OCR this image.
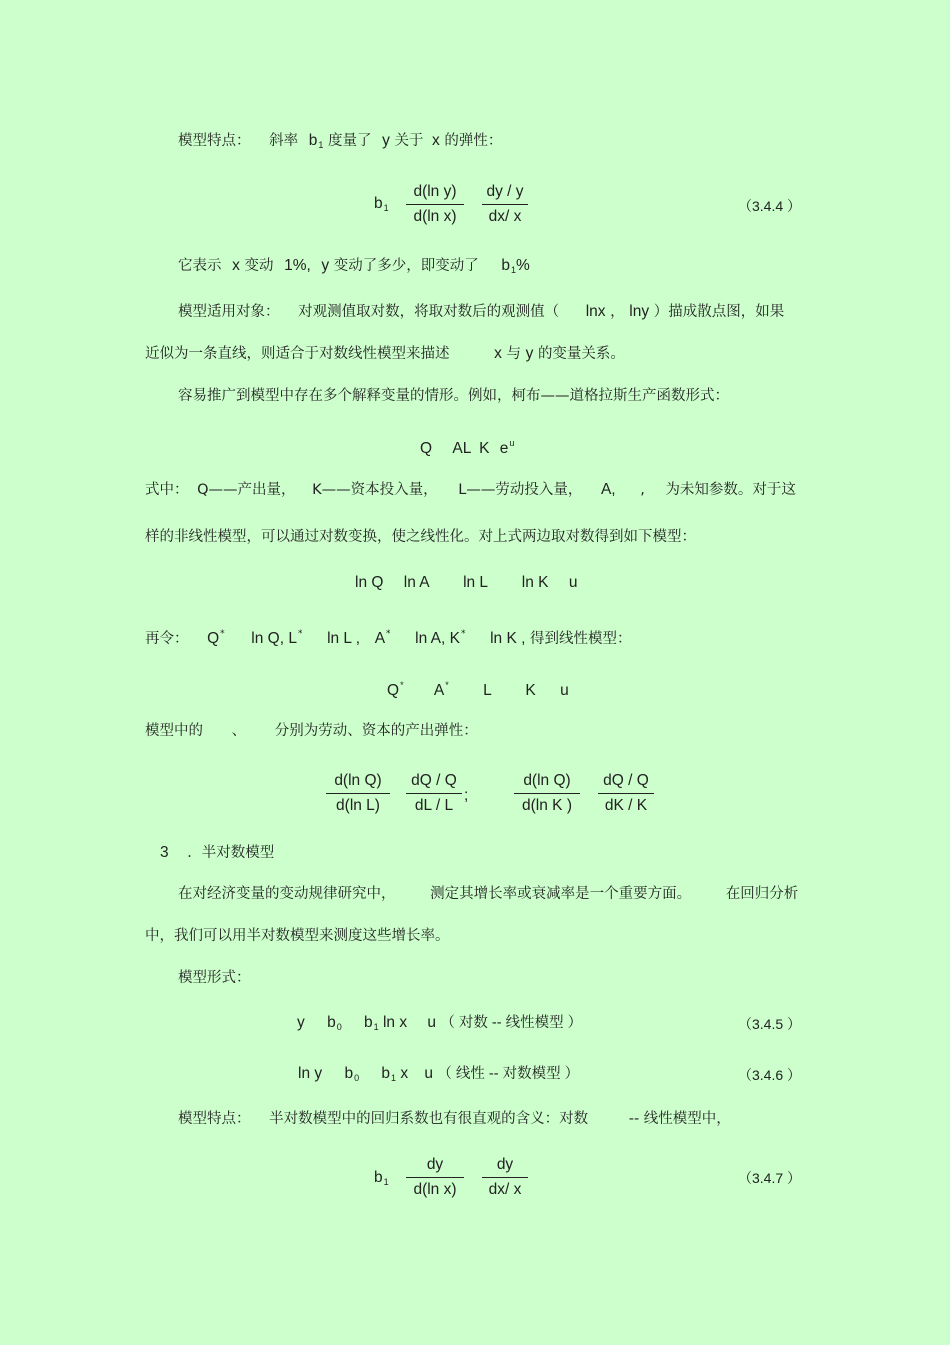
模型特点： 斜率 $b_1$ 度量了 y 关于 x 的弹性：
$b_1$
d(ln y)
d(ln x)
dy / y
dx/ x
（3.4.4 ）
它表示 x 变动 1%, y 变动了多少，即变动了 $b_1\%$
模型适用对象： 对观测值取对数，将取对数后的观测值（ lnx ， lny ）描成散点图，如果
近似为一条直线，则适合于对数线性模型来描述	x 与 y 的变量关系。
容易推广到模型中存在多个解释变量的情形。例如，柯布——道格拉斯生产函数形式：
Q AL K $e^u$
式中： Q——产出量， K——资本投入量， L——劳动投入量， A, , 为未知参数。对于这
样的非线性模型，可以通过对数变换，使之线性化。对上式两边取对数得到如下模型：
ln Q ln A ln L ln K u
再令： Q* ln Q, L* ln L , A* ln A, K* ln K , 得到线性模型：
Q* A* L K u
模型中的 、 分别为劳动、资本的产出弹性：
d(ln Q)
d(ln L)
dQ / Q
dL / L
;
d(ln Q)
d(ln K )
dQ / Q
dK / K
3 ．半对数模型
在对经济变量的变动规律研究中， 测定其增长率或衰减率是一个重要方面。 在回归分析
中，我们可以用半对数模型来测度这些增长率。
模型形式：
y $b_0$ $b_1$ ln x u （ 对数 -- 线性模型 ）	（3.4.5 ）
ln y $b_0$ $b_1$ x u （ 线性 -- 对数模型 ）	（3.4.6 ）
模型特点： 半对数模型中的回归系数也有很直观的含义：对数	-- 线性模型中，
$b_1$
dy
d(ln x)
dy
dx/ x
（3.4.7 ）
